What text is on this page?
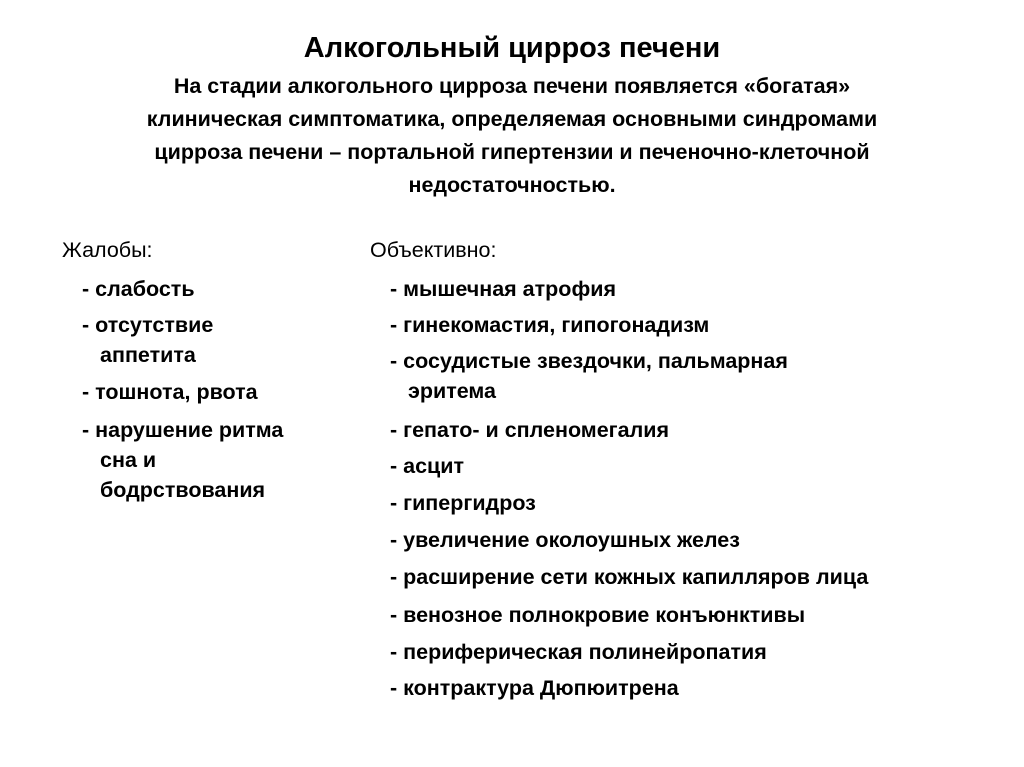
Алкогольный цирроз печени
На стадии алкогольного цирроза печени появляется «богатая»
клиническая симптоматика, определяемая основными синдромами
цирроза печени – портальной гипертензии и печеночно-клеточной
недостаточностью.
Жалобы:
- слабость
- отсутствие
аппетита
- тошнота, рвота
- нарушение ритма
сна и
бодрствования
Объективно:
- мышечная атрофия
- гинекомастия, гипогонадизм
- сосудистые звездочки, пальмарная
эритема
- гепато- и спленомегалия
- асцит
- гипергидроз
- увеличение околоушных желез
- расширение сети кожных капилляров лица
- венозное полнокровие конъюнктивы
- периферическая полинейропатия
- контрактура Дюпюитрена
